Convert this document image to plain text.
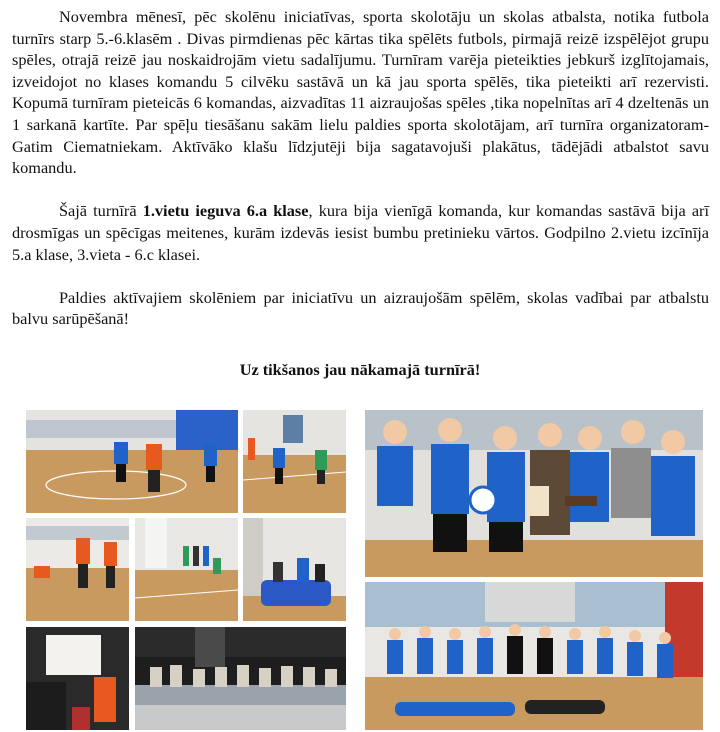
Novembra mēnesī, pēc skolēnu iniciatīvas, sporta skolotāju un skolas atbalsta, notika futbola turnīrs starp 5.-6.klasēm . Divas pirmdienas pēc kārtas tika spēlēts futbols, pirmajā reizē izspēlējot grupu spēles, otrajā reizē jau noskaidrojām vietu sadalījumu. Turnīram varēja pieteikties jebkurš izglītojamais, izveidojot no klases komandu 5 cilvēku sastāvā un kā jau sporta spēlēs, tika pieteikti arī rezervisti. Kopumā turnīram pieteicās 6 komandas, aizvadītas 11 aizraujošas spēles ,tika nopelnītas arī 4 dzeltenās un 1 sarkanā kartīte. Par spēļu tiesāšanu sakām lielu paldies sporta skolotājam, arī turnīra organizatoram- Gatim Ciematniekam. Aktīvāko klašu līdzjutēji bija sagatavojuši plakātus, tādējādi atbalstot savu komandu.

Šajā turnīrā 1.vietu ieguva 6.a klase, kura bija vienīgā komanda, kur komandas sastāvā bija arī drosmīgas un spēcīgas meitenes, kurām izdevās iesist bumbu pretinieku vārtos. Godpilno 2.vietu izcīnīja 5.a klase, 3.vieta - 6.c klasei.

Paldies aktīvajiem skolēniem par iniciatīvu un aizraujošām spēlēm, skolas vadībai par atbalstu balvu sarūpēšanā!

Uz tikšanos jau nākamajā turnīrā!
